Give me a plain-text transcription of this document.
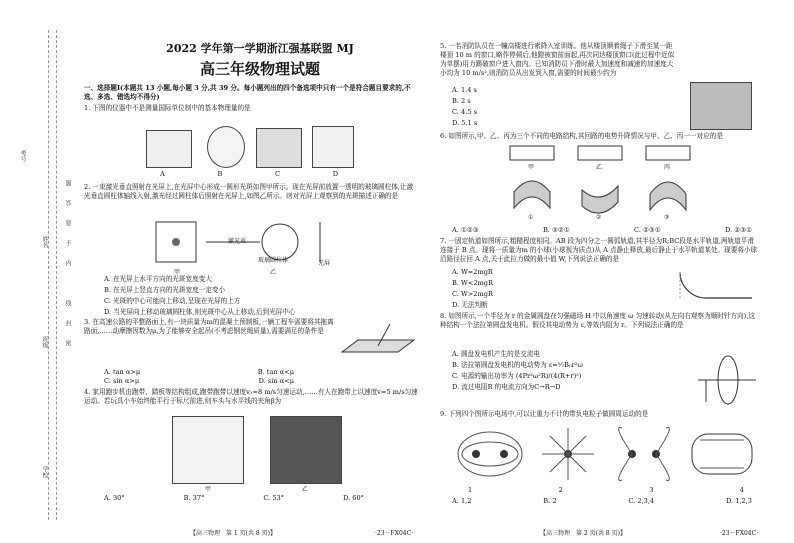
考号
姓名
班级
学校
题
答
要
不
内
线
封
密
2022 学年第一学期浙江强基联盟 MJ
高三年级物理试题

一、选择题Ⅰ(本题共 13 小题,每小题 3 分,共 39 分。每小题列出的四个备选项中只有一个是符合题目要求的,不选、多选、错选均不得分)

1. 下图的仪器中不是测量国际单位制中的基本物理量的是

A	B	C	D

2. 一束激光垂直照射在光屏上,在光屏中心形成一圆形光斑如图甲所示。现在光屏前放置一透明的玻璃圆柱体,让激光垂直圆柱体轴线入射,激光经过圆柱体后照射在光屏上,如图乙所示。则对光屏上观察到的光斑描述正确的是

甲
激光束
玻璃圆柱体	光屏
乙

A. 在光屏上水平方向的光斑宽度变大

B. 在光屏上竖直方向的光斑宽度一定变小

C. 光斑的中心可能向上移动,呈现在光屏的上方

D. 当光屏向上移动玻璃圆柱体,则光斑中心从上移动,后到光屏中心

3. 在高速公路的平整路面上,有一块质量为m的混凝土预制板,一辆工程车需要将其拖离路面,……动摩擦因数为μ,为了能够安全起吊(不考虑钢丝绳质量),需要满足的条件是

A. tan α>μ	B. tan α<μ
C. sin α>μ	D. sin α<μ

4. 家用跑步机由跑带、踏板等结构组成,跑带跑带以速度v₁=8 m/s匀速运动,……有人在跑带上以速度v=5 m/s匀速运动。若玩具小车始终能平行于标尺前进,则车头与水平线的夹角β为

甲	乙
A. 30°	B. 37°	C. 53°	D. 60°
【高三物理　第 1 页(共 8 页)】	·23－FX04C·

5. 一名消防队员在一幢高楼进行索降入室训练。他从楼顶顺着绳子下滑至某一距楼顶 10 m 的窗口,略作停顿后,他蹬被窗前面起,再次同达楼顶窗口(此过程中近似为单摆)用力踢破窗户进入窗内。已知消防员下滑时最大加速度和减速的加速度大小均为 10 m/s²,则消防员从出发到入窗,需要的时间最少约为

A. 1.4 s

B. 2 s

C. 4.5 s

D. 5.1 s

6. 如图所示,甲、乙、丙为三个不同的电路结构,其回路的电势升降情况与甲、乙、丙一一对应的是

甲	乙	丙
①	②	③
A. ①②③	B. ③②①	C. ②③①	D. ②③①

7. 一固定轨道如图所示,粗糙程度相同。AB 段为四分之一圆弧轨道,其半径为R;BC段是水平轨道,两轨道平滑连接于 B 点。现将一质量为m 的小球(小球视为质点)从 A 点静止释放,最后静止于水平轨道某处。现要将小球沿路径拉回 A 点,关于此拉力做的最小值 W,下列说法正确的是

A. W=2mgR

B. W<2mgR

C. W>2mgR

D. 无法判断

8. 如图所示,一个半径为 r 的金属圆盘在匀强磁场 H 中以角速度 ω 匀速转动(从左向右观察为顺时针方向),这种结构一个法拉第圆盘发电机。假设其电动势为 ε,等效内阻为 r。下列说法正确的是

A. 圆盘发电机产生的是交流电

B. 法拉第圆盘发电机的电动势为 ε=½B₀r²ω

C. 电源的输出功率为 (4Pr²ω²R)/(4(R+r)²)

D. 流过电阻R 的电流方向为C→R→D

9. 下列四个图所示电场中,可以让重力不计的带负电粒子做圆周运动的是

1	2	3	4
A. 1,2	B. 2	C. 2,3,4	D. 1,2,3
【高三物理　第 2 页(共 8 页)】	·23－FX04C·
